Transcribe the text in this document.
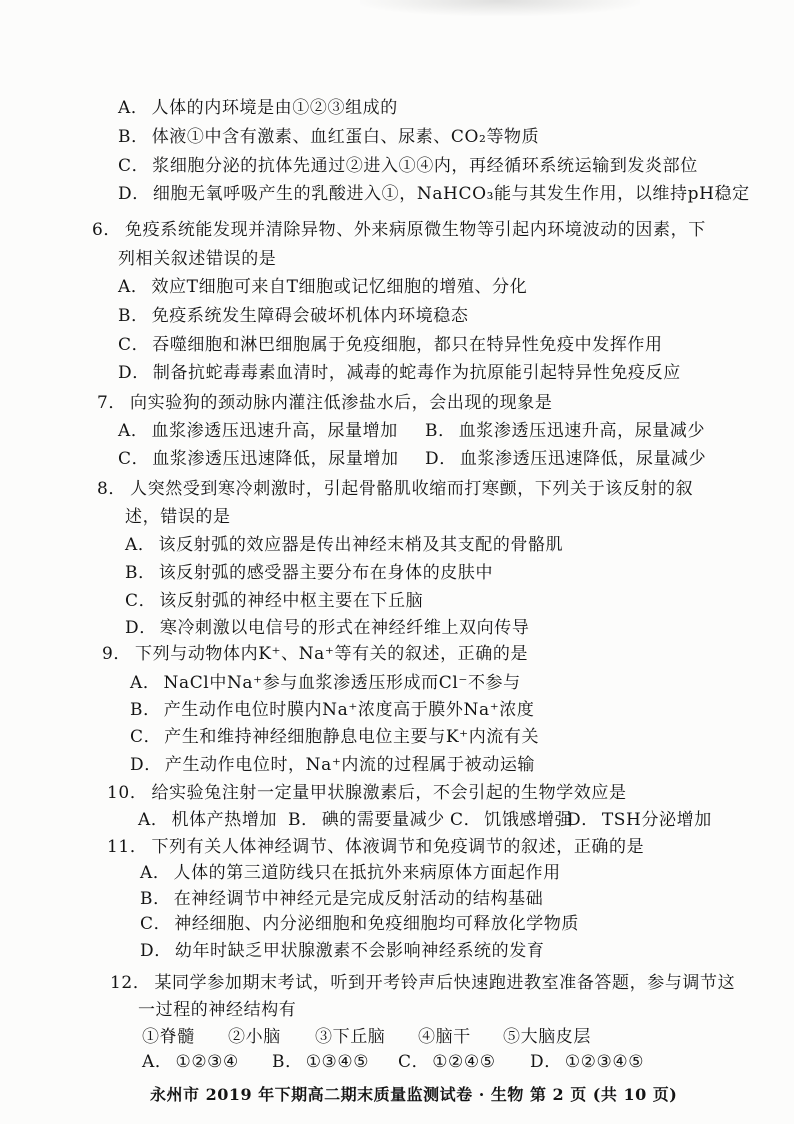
A． 人体的内环境是由①②③组成的
B． 体液①中含有激素、血红蛋白、尿素、CO₂等物质
C． 浆细胞分泌的抗体先通过②进入①④内，再经循环系统运输到发炎部位
D． 细胞无氧呼吸产生的乳酸进入①，NaHCO₃能与其发生作用，以维持pH稳定
6． 免疫系统能发现并清除异物、外来病原微生物等引起内环境波动的因素，下
列相关叙述错误的是
A． 效应T细胞可来自T细胞或记忆细胞的增殖、分化
B． 免疫系统发生障碍会破坏机体内环境稳态
C． 吞噬细胞和淋巴细胞属于免疫细胞，都只在特异性免疫中发挥作用
D． 制备抗蛇毒毒素血清时，减毒的蛇毒作为抗原能引起特异性免疫反应
7． 向实验狗的颈动脉内灌注低渗盐水后，会出现的现象是
A． 血浆渗透压迅速升高，尿量增加 B． 血浆渗透压迅速升高，尿量减少
C． 血浆渗透压迅速降低，尿量增加 D． 血浆渗透压迅速降低，尿量减少
8． 人突然受到寒冷刺激时，引起骨骼肌收缩而打寒颤，下列关于该反射的叙
述，错误的是
A． 该反射弧的效应器是传出神经末梢及其支配的骨骼肌
B． 该反射弧的感受器主要分布在身体的皮肤中
C． 该反射弧的神经中枢主要在下丘脑
D． 寒冷刺激以电信号的形式在神经纤维上双向传导
9． 下列与动物体内K⁺、Na⁺等有关的叙述，正确的是
A． NaCl中Na⁺参与血浆渗透压形成而Cl⁻不参与
B． 产生动作电位时膜内Na⁺浓度高于膜外Na⁺浓度
C． 产生和维持神经细胞静息电位主要与K⁺内流有关
D． 产生动作电位时，Na⁺内流的过程属于被动运输
10． 给实验兔注射一定量甲状腺激素后，不会引起的生物学效应是
A． 机体产热增加 B． 碘的需要量减少 C． 饥饿感增强
D． TSH分泌增加
11． 下列有关人体神经调节、体液调节和免疫调节的叙述，正确的是
A． 人体的第三道防线只在抵抗外来病原体方面起作用
B． 在神经调节中神经元是完成反射活动的结构基础
C． 神经细胞、内分泌细胞和免疫细胞均可释放化学物质
D． 幼年时缺乏甲状腺激素不会影响神经系统的发育
12． 某同学参加期末考试，听到开考铃声后快速跑进教室准备答题，参与调节这
一过程的神经结构有
①脊髓 ②小脑 ③下丘脑 ④脑干 ⑤大脑皮层
A． ①②③④ B． ①③④⑤ C． ①②④⑤ D． ①②③④⑤
永州市 2019 年下期高二期末质量监测试卷 · 生物 第 2 页 (共 10 页)
